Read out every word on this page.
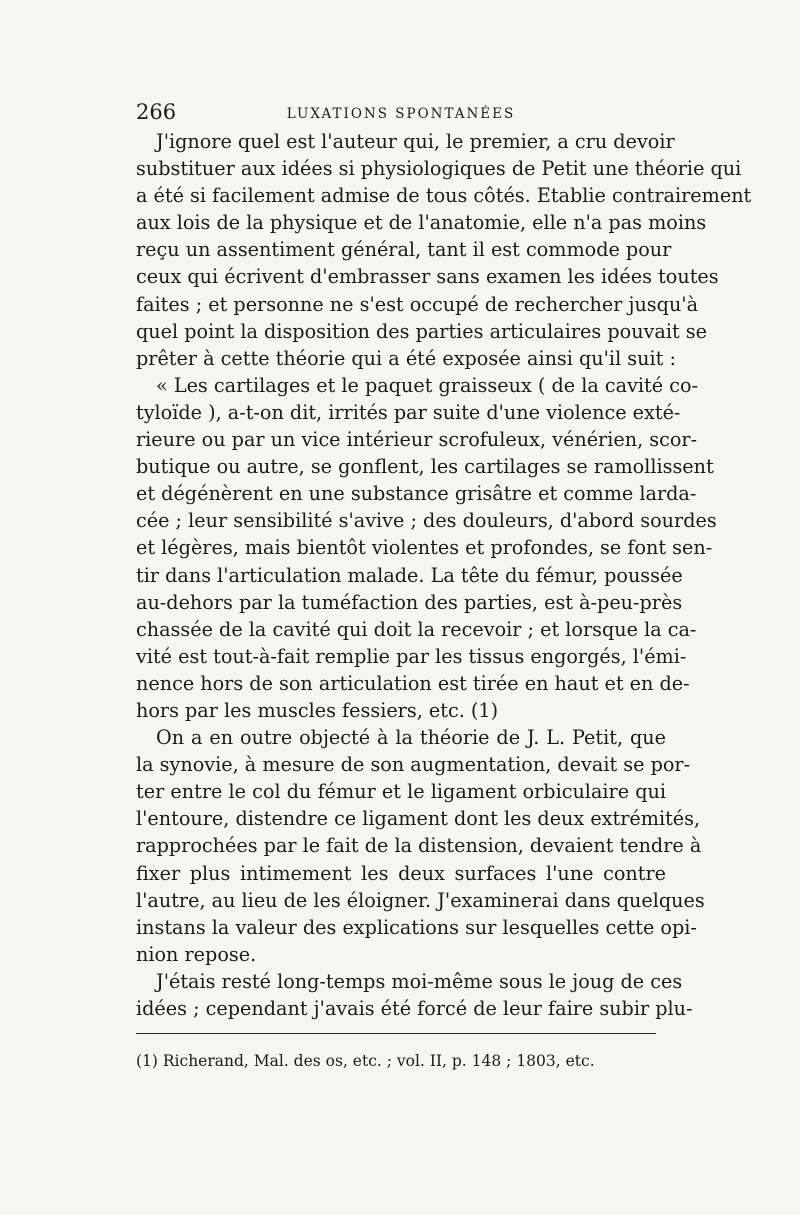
266	LUXATIONS SPONTANÉES
J'ignore quel est l'auteur qui, le premier, a cru devoir
substituer aux idées si physiologiques de Petit une théorie qui
a été si facilement admise de tous côtés. Etablie contrairement
aux lois de la physique et de l'anatomie, elle n'a pas moins
reçu un assentiment général, tant il est commode pour
ceux qui écrivent d'embrasser sans examen les idées toutes
faites ; et personne ne s'est occupé de rechercher jusqu'à
quel point la disposition des parties articulaires pouvait se
prêter à cette théorie qui a été exposée ainsi qu'il suit :
« Les cartilages et le paquet graisseux ( de la cavité co-
tyloïde ), a-t-on dit, irrités par suite d'une violence exté-
rieure ou par un vice intérieur scrofuleux, vénérien, scor-
butique ou autre, se gonflent, les cartilages se ramollissent
et dégénèrent en une substance grisâtre et comme larda-
cée ; leur sensibilité s'avive ; des douleurs, d'abord sourdes
et légères, mais bientôt violentes et profondes, se font sen-
tir dans l'articulation malade. La tête du fémur, poussée
au-dehors par la tuméfaction des parties, est à-peu-près
chassée de la cavité qui doit la recevoir ; et lorsque la ca-
vité est tout-à-fait remplie par les tissus engorgés, l'émi-
nence hors de son articulation est tirée en haut et en de-
hors par les muscles fessiers, etc. (1)
On a en outre objecté à la théorie de J. L. Petit, que
la synovie, à mesure de son augmentation, devait se por-
ter entre le col du fémur et le ligament orbiculaire qui
l'entoure, distendre ce ligament dont les deux extrémités,
rapprochées par le fait de la distension, devaient tendre à
fixer plus intimement les deux surfaces l'une contre
l'autre, au lieu de les éloigner. J'examinerai dans quelques
instans la valeur des explications sur lesquelles cette opi-
nion repose.
J'étais resté long-temps moi-même sous le joug de ces
idées ; cependant j'avais été forcé de leur faire subir plu-
(1) Richerand, Mal. des os, etc. ; vol. II, p. 148 ; 1803, etc.
